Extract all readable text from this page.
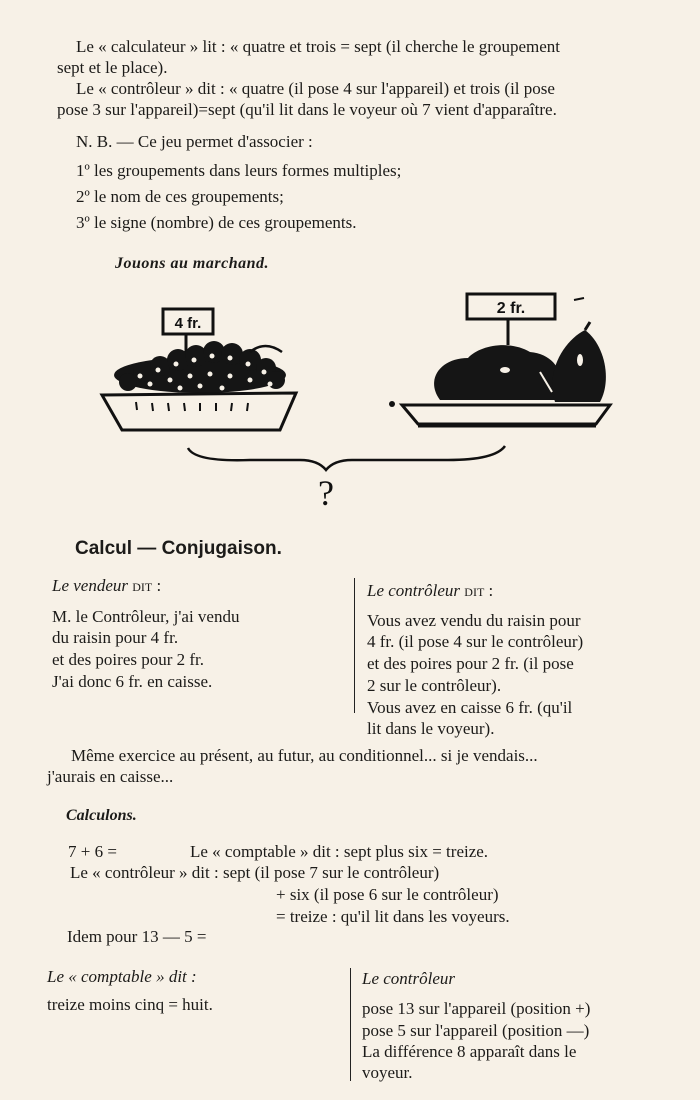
Le « calculateur » lit : « quatre et trois = sept (il cherche le groupement
sept et le place).
Le « contrôleur » dit : « quatre (il pose 4 sur l'appareil) et trois (il pose
pose 3 sur l'appareil)=sept (qu'il lit dans le voyeur où 7 vient d'apparaître.
N. B. — Ce jeu permet d'associer :
1º les groupements dans leurs formes multiples;
2º le nom de ces groupements;
3º le signe (nombre) de ces groupements.
Jouons au marchand.
4 fr.
2 fr.
?
Calcul — Conjugaison.
Le vendeur dit :
M. le Contrôleur, j'ai vendu
du raisin pour 4 fr.
et des poires pour 2 fr.
J'ai donc 6 fr. en caisse.
Le contrôleur dit :
Vous avez vendu du raisin pour
4 fr. (il pose 4 sur le contrôleur)
et des poires pour 2 fr. (il pose
2 sur le contrôleur).
Vous avez en caisse 6 fr. (qu'il
lit dans le voyeur).
Même exercice au présent, au futur, au conditionnel... si je vendais...
j'aurais en caisse...
Calculons.
7 + 6 =	Le « comptable » dit : sept plus six = treize.
Le « contrôleur » dit : sept (il pose 7 sur le contrôleur)
+ six (il pose 6 sur le contrôleur)
= treize : qu'il lit dans les voyeurs.
Idem pour 13 — 5 =
Le « comptable » dit :
treize moins cinq = huit.
Le contrôleur
pose 13 sur l'appareil (position +)
pose 5 sur l'appareil (position —)
La différence 8 apparaît dans le
voyeur.
